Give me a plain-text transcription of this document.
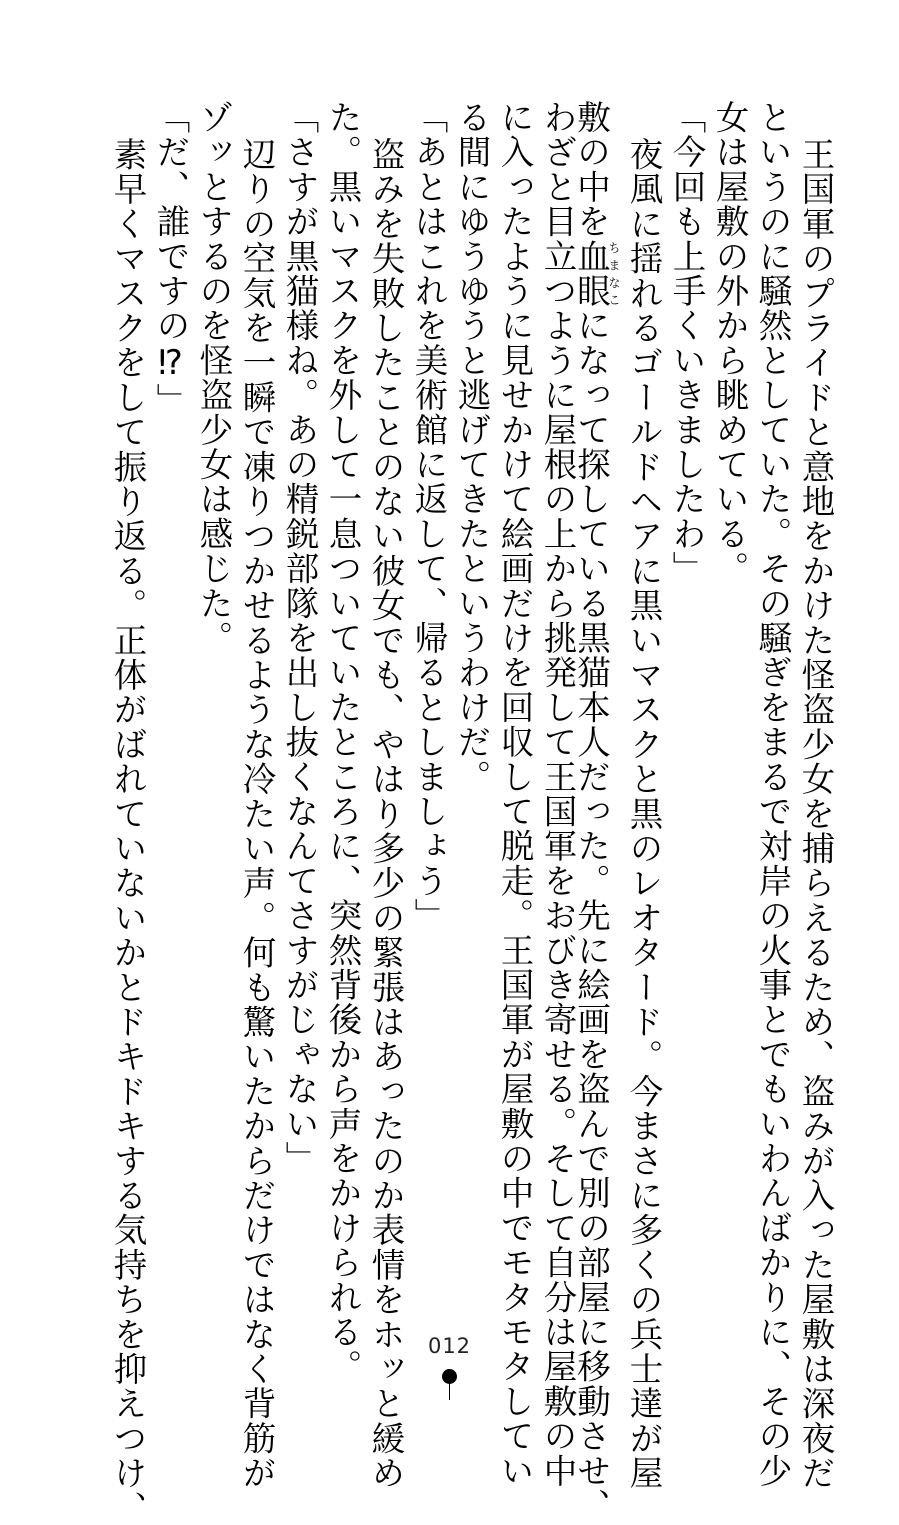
王国軍のプライドと意地をかけた怪盗少女を捕らえるため、盗みが入った屋敷は深夜だ
というのに騒然としていた。その騒ぎをまるで対岸の火事とでもいわんばかりに、その少
女は屋敷の外から眺めている。
「今回も上手くいきましたわ」
夜風に揺れるゴールドヘアに黒いマスクと黒のレオタード。今まさに多くの兵士達が屋
敷の中を血眼ちまなこになって探している黒猫本人だった。先に絵画を盗んで別の部屋に移動させ、
わざと目立つように屋根の上から挑発して王国軍をおびき寄せる。そして自分は屋敷の中
に入ったように見せかけて絵画だけを回収して脱走。王国軍が屋敷の中でモタモタしてい
る間にゆうゆうと逃げてきたというわけだ。
「あとはこれを美術館に返して、帰るとしましょう」
盗みを失敗したことのない彼女でも、やはり多少の緊張はあったのか表情をホッと緩め
た。黒いマスクを外して一息ついていたところに、突然背後から声をかけられる。
「さすが黒猫様ね。あの精鋭部隊を出し抜くなんてさすがじゃない」
辺りの空気を一瞬で凍りつかせるような冷たい声。何も驚いたからだけではなく背筋が
ゾッとするのを怪盗少女は感じた。
「だ、誰ですの⁉」
素早くマスクをして振り返る。正体がばれていないかとドキドキする気持ちを抑えつけ、	012
